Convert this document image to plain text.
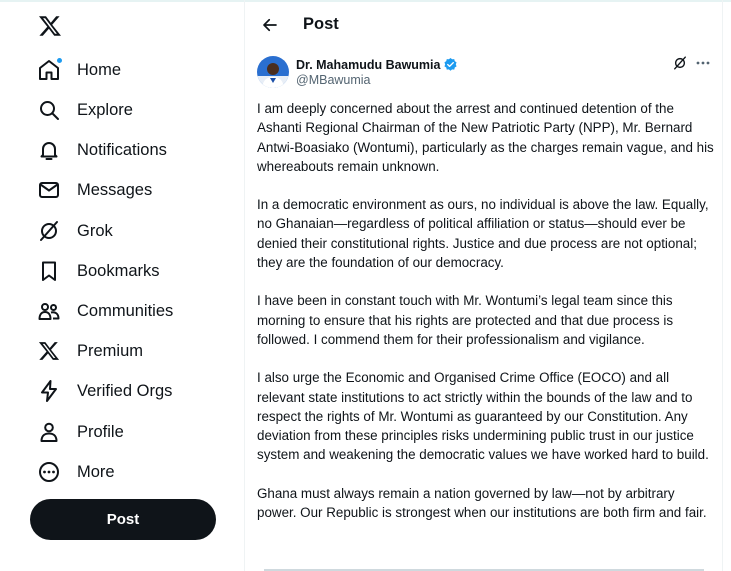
Home
Explore
Notifications
Messages
Grok
Bookmarks
Communities
Premium
Verified Orgs
Profile
More
Post
Post
Dr. Mahamudu Bawumia
@MBawumia

I am deeply concerned about the arrest and continued detention of the Ashanti Regional Chairman of the New Patriotic Party (NPP), Mr. Bernard Antwi-Boasiako (Wontumi), particularly as the charges remain vague, and his whereabouts remain unknown.

In a democratic environment as ours, no individual is above the law. Equally, no Ghanaian—regardless of political affiliation or status—should ever be denied their constitutional rights. Justice and due process are not optional; they are the foundation of our democracy.

I have been in constant touch with Mr. Wontumi’s legal team since this morning to ensure that his rights are protected and that due process is followed. I commend them for their professionalism and vigilance.

I also urge the Economic and Organised Crime Office (EOCO) and all relevant state institutions to act strictly within the bounds of the law and to respect the rights of Mr. Wontumi as guaranteed by our Constitution. Any deviation from these principles risks undermining public trust in our justice system and weakening the democratic values we have worked hard to build.

Ghana must always remain a nation governed by law—not by arbitrary power. Our Republic is strongest when our institutions are both firm and fair.
